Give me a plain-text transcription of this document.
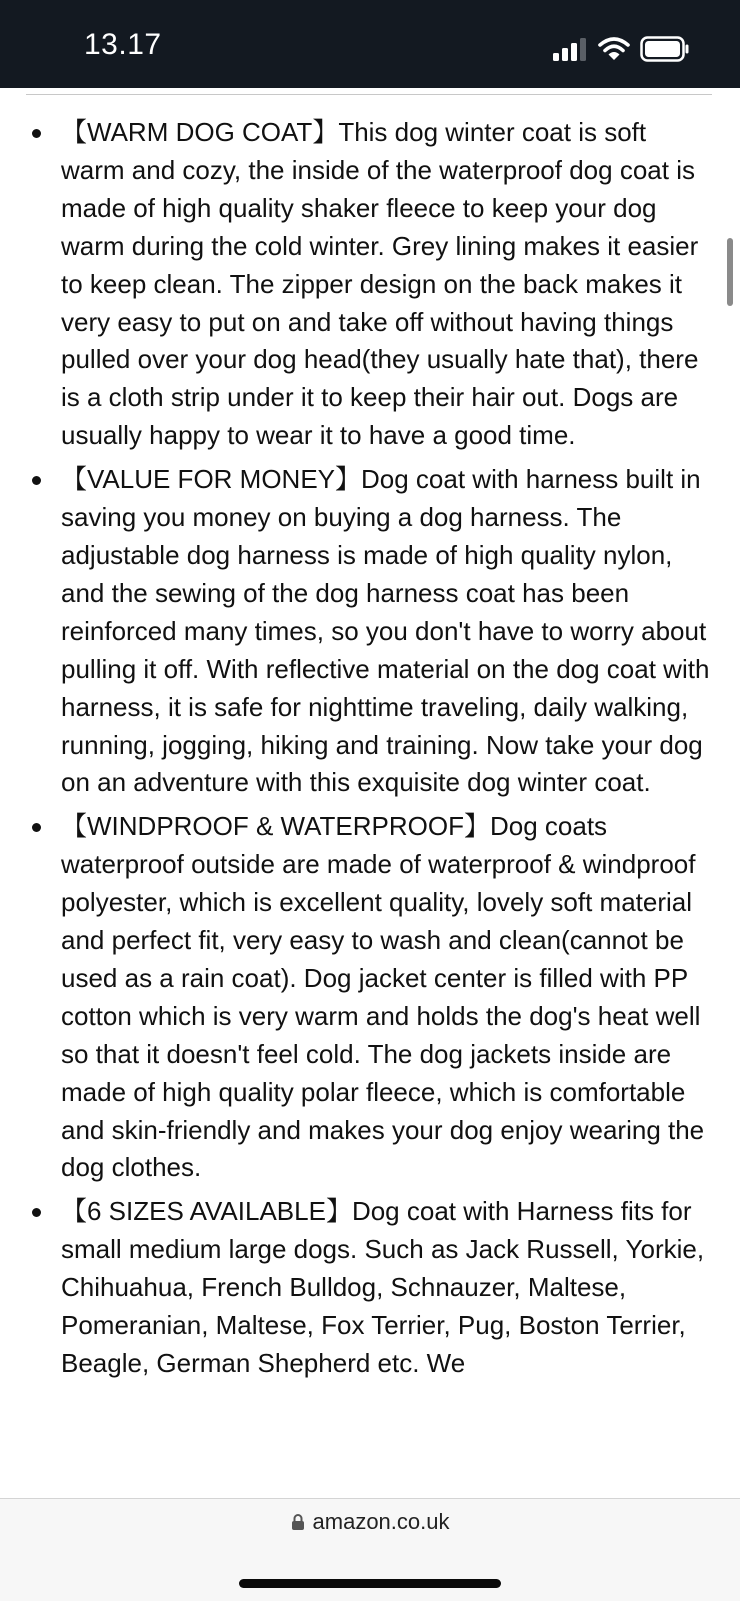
13.17
【WARM DOG COAT】This dog winter coat is soft warm and cozy, the inside of the waterproof dog coat is made of high quality shaker fleece to keep your dog warm during the cold winter. Grey lining makes it easier to keep clean. The zipper design on the back makes it very easy to put on and take off without having things pulled over your dog head(they usually hate that), there is a cloth strip under it to keep their hair out. Dogs are usually happy to wear it to have a good time.
【VALUE FOR MONEY】Dog coat with harness built in saving you money on buying a dog harness. The adjustable dog harness is made of high quality nylon, and the sewing of the dog harness coat has been reinforced many times, so you don't have to worry about pulling it off. With reflective material on the dog coat with harness, it is safe for nighttime traveling, daily walking, running, jogging, hiking and training. Now take your dog on an adventure with this exquisite dog winter coat.
【WINDPROOF & WATERPROOF】Dog coats waterproof outside are made of waterproof & windproof polyester, which is excellent quality, lovely soft material and perfect fit, very easy to wash and clean(cannot be used as a rain coat). Dog jacket center is filled with PP cotton which is very warm and holds the dog's heat well so that it doesn't feel cold. The dog jackets inside are made of high quality polar fleece, which is comfortable and skin-friendly and makes your dog enjoy wearing the dog clothes.
【6 SIZES AVAILABLE】Dog coat with Harness fits for small medium large dogs. Such as Jack Russell, Yorkie, Chihuahua, French Bulldog, Schnauzer, Maltese, Pomeranian, Maltese, Fox Terrier, Pug, Boston Terrier, Beagle, German Shepherd etc. We
amazon.co.uk
